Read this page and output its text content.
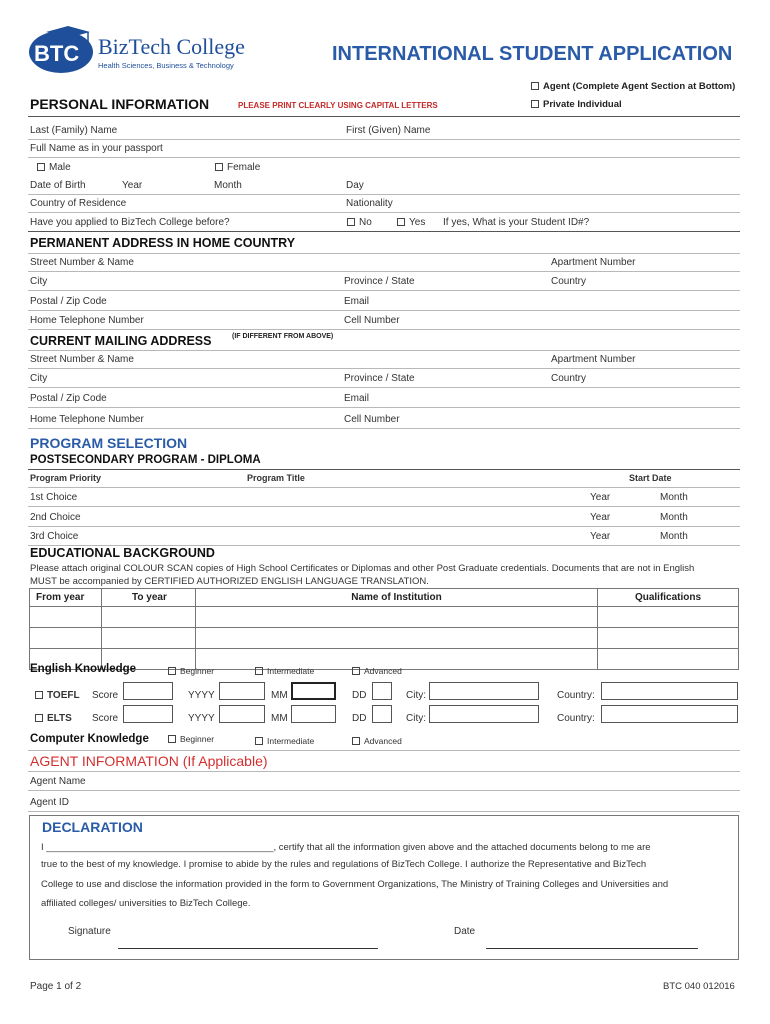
BTC BizTech College
Health Sciences, Business & Technology
INTERNATIONAL STUDENT APPLICATION
Agent (Complete Agent Section at Bottom)
Private Individual
PERSONAL INFORMATION	PLEASE PRINT CLEARLY USING CAPITAL LETTERS
Last (Family) Name	First (Given) Name
Full Name as in your passport
Male	Female
Date of Birth	Year	Month	Day
Country of Residence	Nationality
Have you applied to BizTech College before?	No	Yes If yes, What is your Student ID#?
PERMANENT ADDRESS IN HOME COUNTRY
Street Number & Name	Apartment Number
City	Province / State	Country
Postal / Zip Code	Email
Home Telephone Number	Cell Number
CURRENT MAILING ADDRESS	(IF DIFFERENT FROM ABOVE)
Street Number & Name	Apartment Number
City	Province / State	Country
Postal / Zip Code	Email
Home Telephone Number	Cell Number
PROGRAM SELECTION
POSTSECONDARY PROGRAM - DIPLOMA
Program Priority	Program Title	Start Date
1st Choice	Year	Month
2nd Choice	Year	Month
3rd Choice	Year	Month
EDUCATIONAL BACKGROUND
Please attach original COLOUR SCAN copies of High School Certificates or Diplomas and other Post Graduate credentials. Documents that are not in English
MUST be accompanied by CERTIFIED AUTHORIZED ENGLISH LANGUAGE TRANSLATION.
From year	To year	Name of Institution	Qualifications

English Knowledge	Beginner	Intermediate	Advanced
TOEFL Score	YYYY	MM	DD	City:	Country:
ELTS Score	YYYY	MM	DD	City:	Country:
Computer Knowledge	Beginner	Intermediate	Advanced
AGENT INFORMATION (If Applicable)
Agent Name
Agent ID
DECLARATION
I ___________________________________________, certify that all the information given above and the attached documents belong to me are
true to the best of my knowledge. I promise to abide by the rules and regulations of BizTech College. I authorize the Representative and BizTech
College to use and disclose the information provided in the form to Government Organizations, The Ministry of Training Colleges and Universities and
affiliated colleges/ universities to BizTech College.
Signature	Date
Page 1 of 2	BTC 040 012016
